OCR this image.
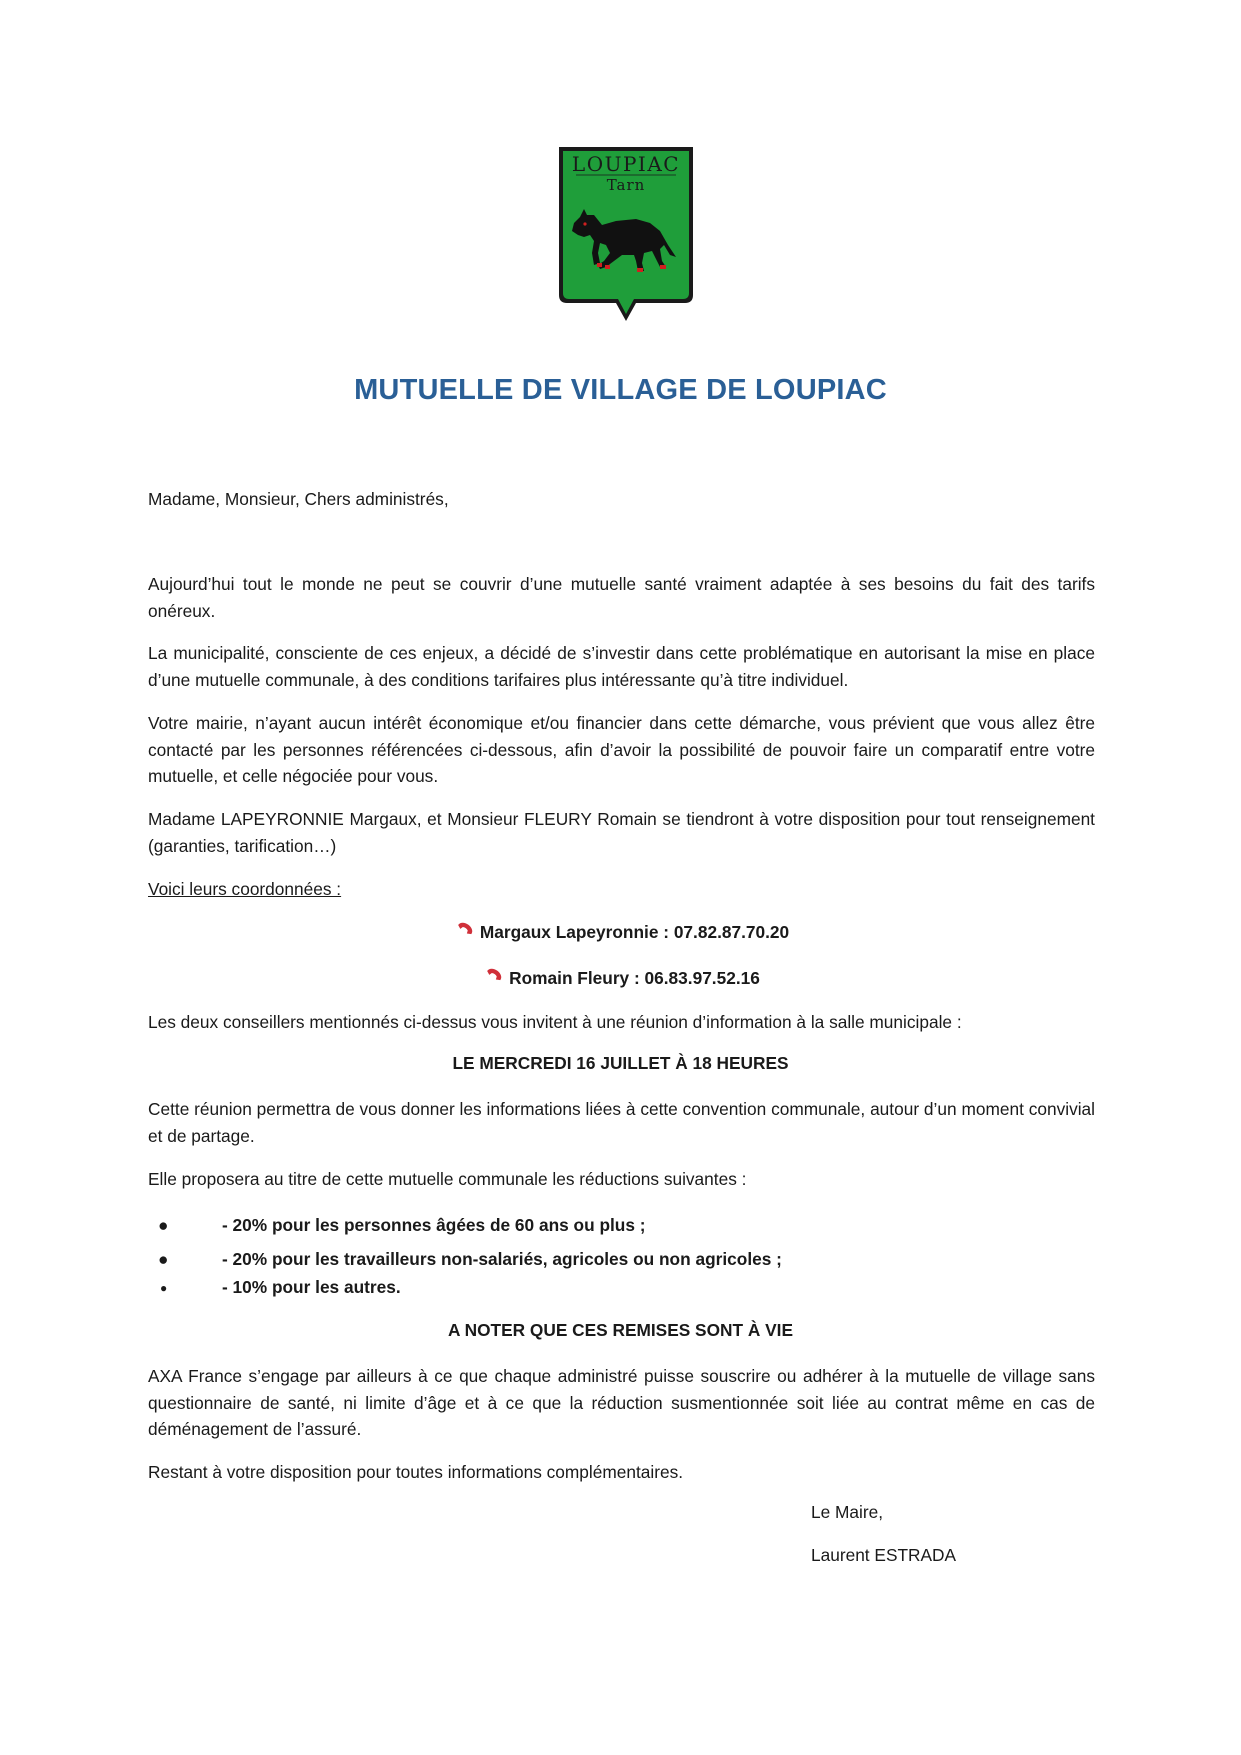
LOUPIAC
Tarn
MUTUELLE DE VILLAGE DE LOUPIAC
Madame, Monsieur, Chers administrés,
Aujourd’hui tout le monde ne peut se couvrir d’une mutuelle santé vraiment adaptée à ses besoins du fait des tarifs onéreux.
La municipalité, consciente de ces enjeux, a décidé de s’investir dans cette problématique en autorisant la mise en place d’une mutuelle communale, à des conditions tarifaires plus intéressante qu’à titre individuel.
Votre mairie, n’ayant aucun intérêt économique et/ou financier dans cette démarche, vous prévient que vous allez être contacté par les personnes référencées ci-dessous, afin d’avoir la possibilité de pouvoir faire un comparatif entre votre mutuelle, et celle négociée pour vous.
Madame LAPEYRONNIE Margaux, et Monsieur FLEURY Romain se tiendront à votre disposition pour tout renseignement (garanties, tarification…)
Voici leurs coordonnées :
Margaux Lapeyronnie : 07.82.87.70.20
Romain Fleury : 06.83.97.52.16
Les deux conseillers mentionnés ci-dessus vous invitent à une réunion d’information à la salle municipale :
LE MERCREDI 16 JUILLET À 18 HEURES
Cette réunion permettra de vous donner les informations liées à cette convention communale, autour d’un moment convivial et de partage.
Elle proposera au titre de cette mutuelle communale les réductions suivantes :
●	- 20% pour les personnes âgées de 60 ans ou plus ;
●	- 20% pour les travailleurs non-salariés, agricoles ou non agricoles ;
●	- 10% pour les autres.
A NOTER QUE CES REMISES SONT À VIE
AXA France s’engage par ailleurs à ce que chaque administré puisse souscrire ou adhérer à la mutuelle de village sans questionnaire de santé, ni limite d’âge et à ce que la réduction susmentionnée soit liée au contrat même en cas de déménagement de l’assuré.
Restant à votre disposition pour toutes informations complémentaires.
Le Maire,
Laurent ESTRADA
